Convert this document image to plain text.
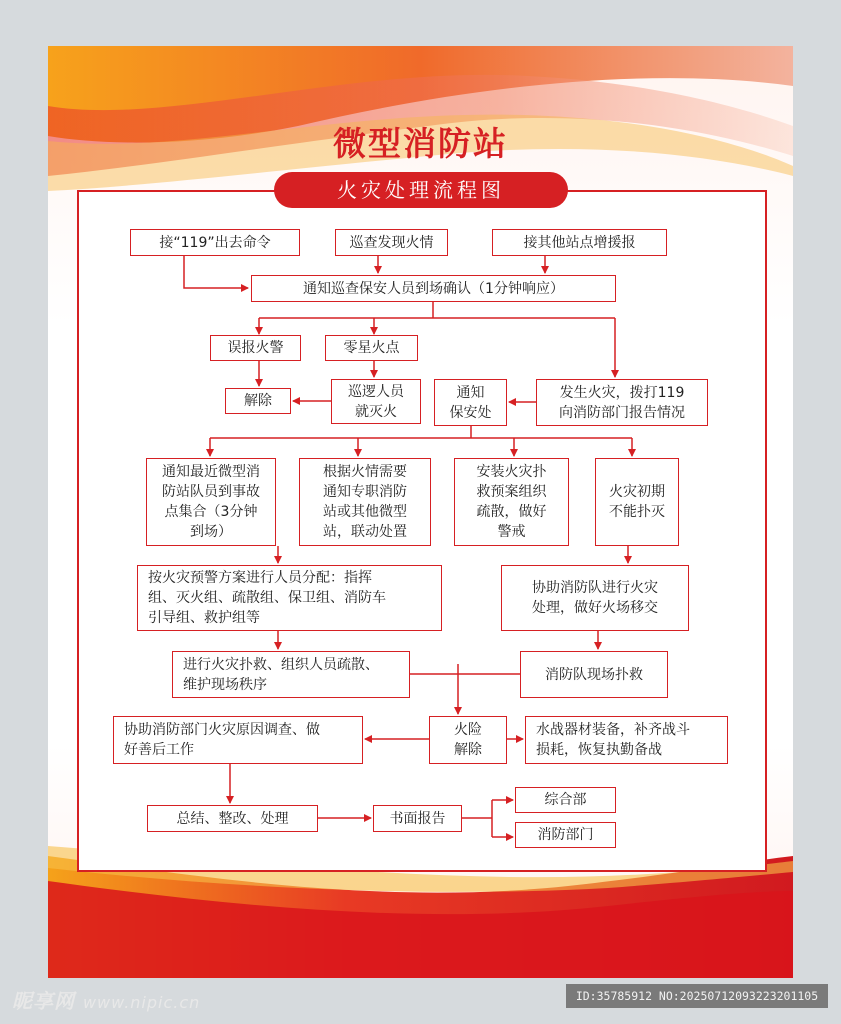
微型消防站
火灾处理流程图
接“119”出去命令	巡查发现火情	接其他站点增援报
通知巡查保安人员到场确认（1分钟响应）
误报火警	零星火点
解除
巡逻人员
就灭火
通知
保安处
发生火灾，拨打119
向消防部门报告情况
通知最近微型消
防站队员到事故
点集合（3分钟
到场）
根据火情需要
通知专职消防
站或其他微型
站，联动处置
安装火灾扑
救预案组织
疏散，做好
警戒
火灾初期
不能扑灭
按火灾预警方案进行人员分配：指挥
组、灭火组、疏散组、保卫组、消防车
引导组、救护组等
协助消防队进行火灾
处理，做好火场移交
进行火灾扑救、组织人员疏散、
维护现场秩序
消防队现场扑救
协助消防部门火灾原因调查、做
好善后工作
火险
解除
水战器材装备，补齐战斗
损耗，恢复执勤备战
总结、整改、处理	书面报告
综合部
消防部门
昵享网 www.nipic.cn	ID:35785912 NO:20250712093223201105
